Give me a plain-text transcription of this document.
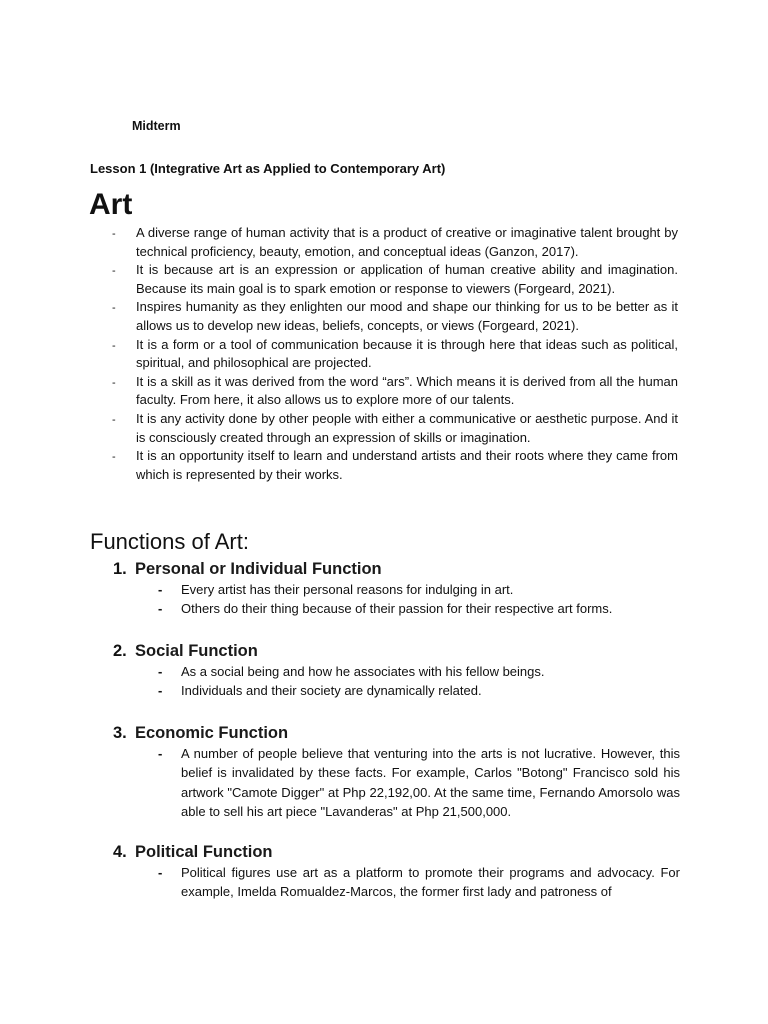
Midterm
Lesson 1 (Integrative Art as Applied to Contemporary Art)
Art
- A diverse range of human activity that is a product of creative or imaginative talent brought by technical proficiency, beauty, emotion, and conceptual ideas (Ganzon, 2017).
- It is because art is an expression or application of human creative ability and imagination. Because its main goal is to spark emotion or response to viewers (Forgeard, 2021).
- Inspires humanity as they enlighten our mood and shape our thinking for us to be better as it allows us to develop new ideas, beliefs, concepts, or views (Forgeard, 2021).
- It is a form or a tool of communication because it is through here that ideas such as political, spiritual, and philosophical are projected.
- It is a skill as it was derived from the word “ars”. Which means it is derived from all the human faculty. From here, it also allows us to explore more of our talents.
- It is any activity done by other people with either a communicative or aesthetic purpose. And it is consciously created through an expression of skills or imagination.
- It is an opportunity itself to learn and understand artists and their roots where they came from which is represented by their works.
Functions of Art:
1. Personal or Individual Function
- Every artist has their personal reasons for indulging in art.
- Others do their thing because of their passion for their respective art forms.
2. Social Function
- As a social being and how he associates with his fellow beings.
- Individuals and their society are dynamically related.
3. Economic Function
- A number of people believe that venturing into the arts is not lucrative. However, this belief is invalidated by these facts. For example, Carlos "Botong" Francisco sold his artwork "Camote Digger" at Php 22,192,00. At the same time, Fernando Amorsolo was able to sell his art piece "Lavanderas" at Php 21,500,000.
4. Political Function
- Political figures use art as a platform to promote their programs and advocacy. For example, Imelda Romualdez-Marcos, the former first lady and patroness of
